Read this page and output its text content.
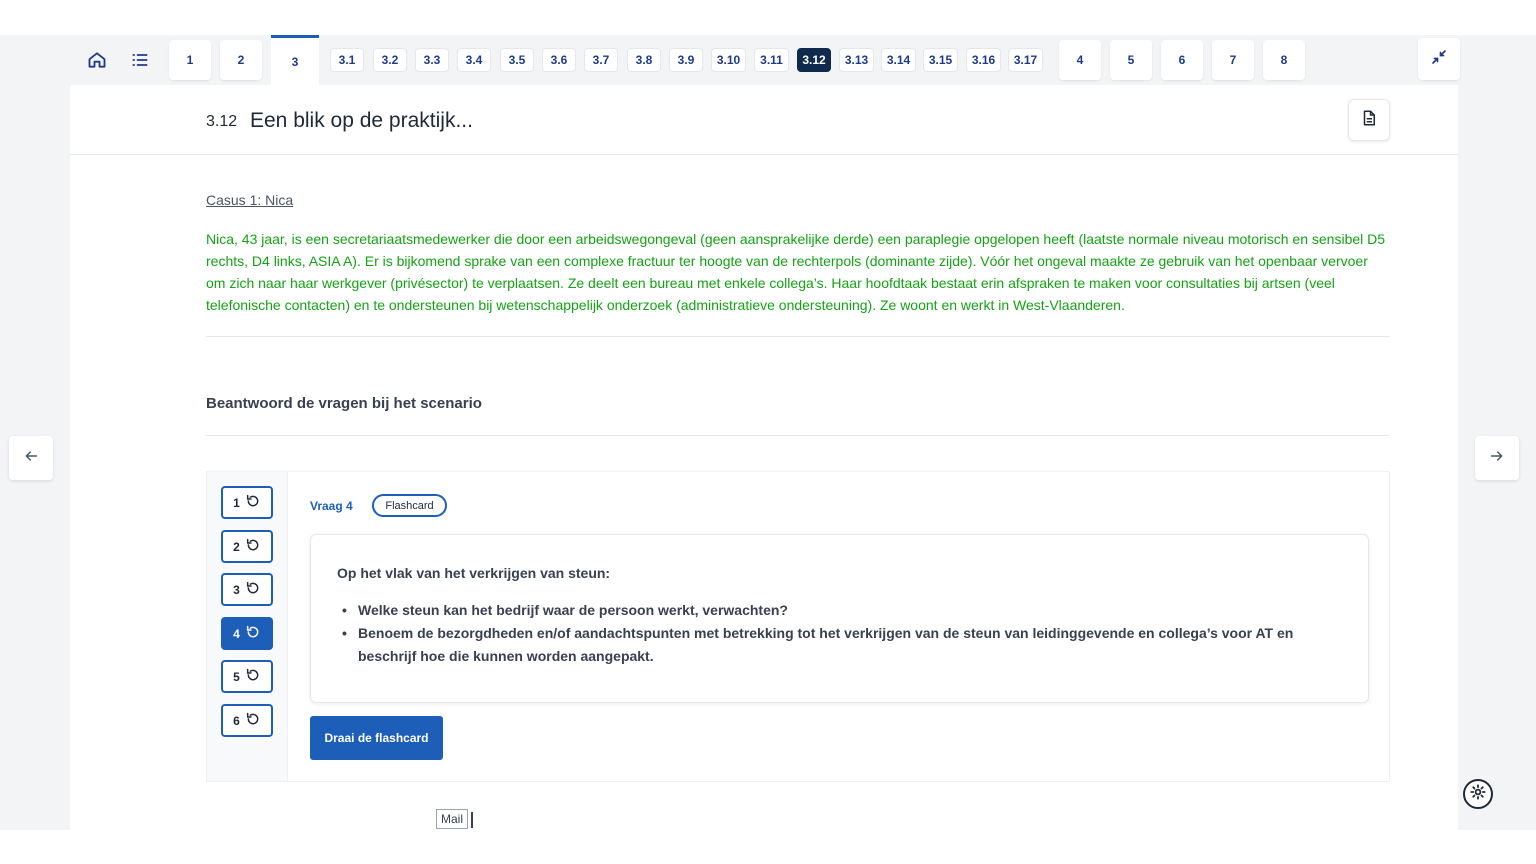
1	2	3	3.1	3.2	3.3	3.4	3.5	3.6	3.7	3.8	3.9	3.10	3.11	3.12	3.13	3.14	3.15	3.16	3.17	4	5	6	7	8
3.12 Een blik op de praktijk...
Casus 1: Nica

Nica, 43 jaar, is een secretariaatsmedewerker die door een arbeidswegongeval (geen aansprakelijke derde) een paraplegie opgelopen heeft (laatste normale niveau motorisch en sensibel D5 rechts, D4 links, ASIA A). Er is bijkomend sprake van een complexe fractuur ter hoogte van de rechterpols (dominante zijde). Vóór het ongeval maakte ze gebruik van het openbaar vervoer om zich naar haar werkgever (privésector) te verplaatsen. Ze deelt een bureau met enkele collega’s. Haar hoofdtaak bestaat erin afspraken te maken voor consultaties bij artsen (veel telefonische contacten) en te ondersteunen bij wetenschappelijk onderzoek (administratieve ondersteuning). Ze woont en werkt in West-Vlaanderen.

Beantwoord de vragen bij het scenario
1
2
3
4
5
6
Vraag 4	Flashcard
Op het vlak van het verkrijgen van steun:
• Welke steun kan het bedrijf waar de persoon werkt, verwachten?
• Benoem de bezorgdheden en/of aandachtspunten met betrekking tot het verkrijgen van de steun van leidinggevende en collega’s voor AT en beschrijf hoe die kunnen worden aangepakt.
Draai de flashcard
Mail
